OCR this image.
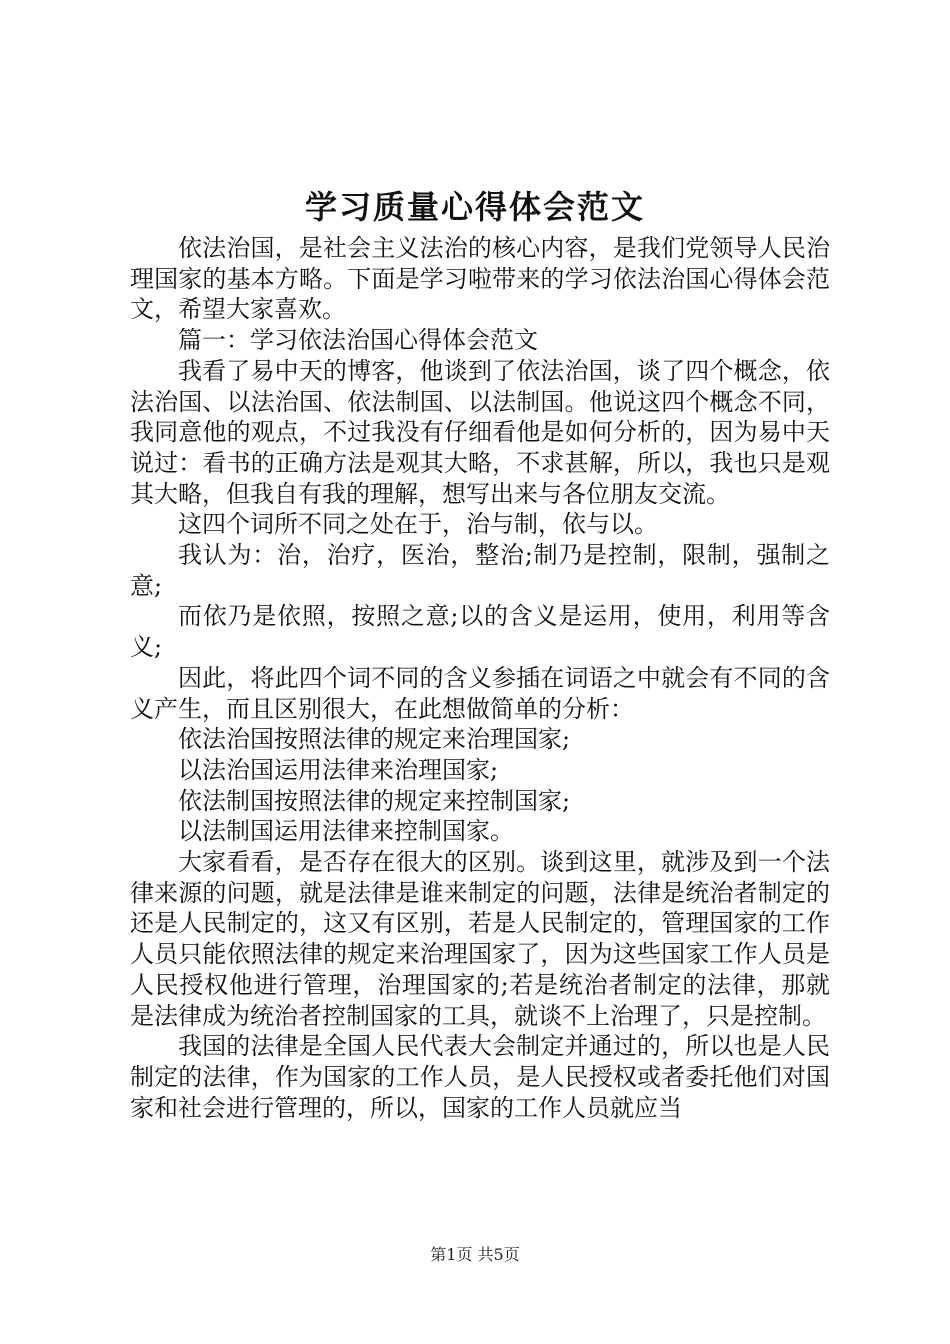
学习质量心得体会范文

依法治国，是社会主义法治的核心内容，是我们党领导人民治理国家的基本方略。下面是学习啦带来的学习依法治国心得体会范文，希望大家喜欢。

篇一：学习依法治国心得体会范文

我看了易中天的博客，他谈到了依法治国，谈了四个概念，依法治国、以法治国、依法制国、以法制国。他说这四个概念不同，我同意他的观点，不过我没有仔细看他是如何分析的，因为易中天说过：看书的正确方法是观其大略，不求甚解，所以，我也只是观其大略，但我自有我的理解，想写出来与各位朋友交流。

这四个词所不同之处在于，治与制，依与以。

我认为：治，治疗，医治，整治;制乃是控制，限制，强制之意;

而依乃是依照，按照之意;以的含义是运用，使用，利用等含义;

因此，将此四个词不同的含义参插在词语之中就会有不同的含义产生，而且区别很大，在此想做简单的分析：

依法治国按照法律的规定来治理国家;

以法治国运用法律来治理国家;

依法制国按照法律的规定来控制国家;

以法制国运用法律来控制国家。

大家看看，是否存在很大的区别。谈到这里，就涉及到一个法律来源的问题，就是法律是谁来制定的问题，法律是统治者制定的还是人民制定的，这又有区别，若是人民制定的，管理国家的工作人员只能依照法律的规定来治理国家了，因为这些国家工作人员是人民授权他进行管理，治理国家的;若是统治者制定的法律，那就是法律成为统治者控制国家的工具，就谈不上治理了，只是控制。

我国的法律是全国人民代表大会制定并通过的，所以也是人民制定的法律，作为国家的工作人员，是人民授权或者委托他们对国家和社会进行管理的，所以，国家的工作人员就应当

第1页 共5页
